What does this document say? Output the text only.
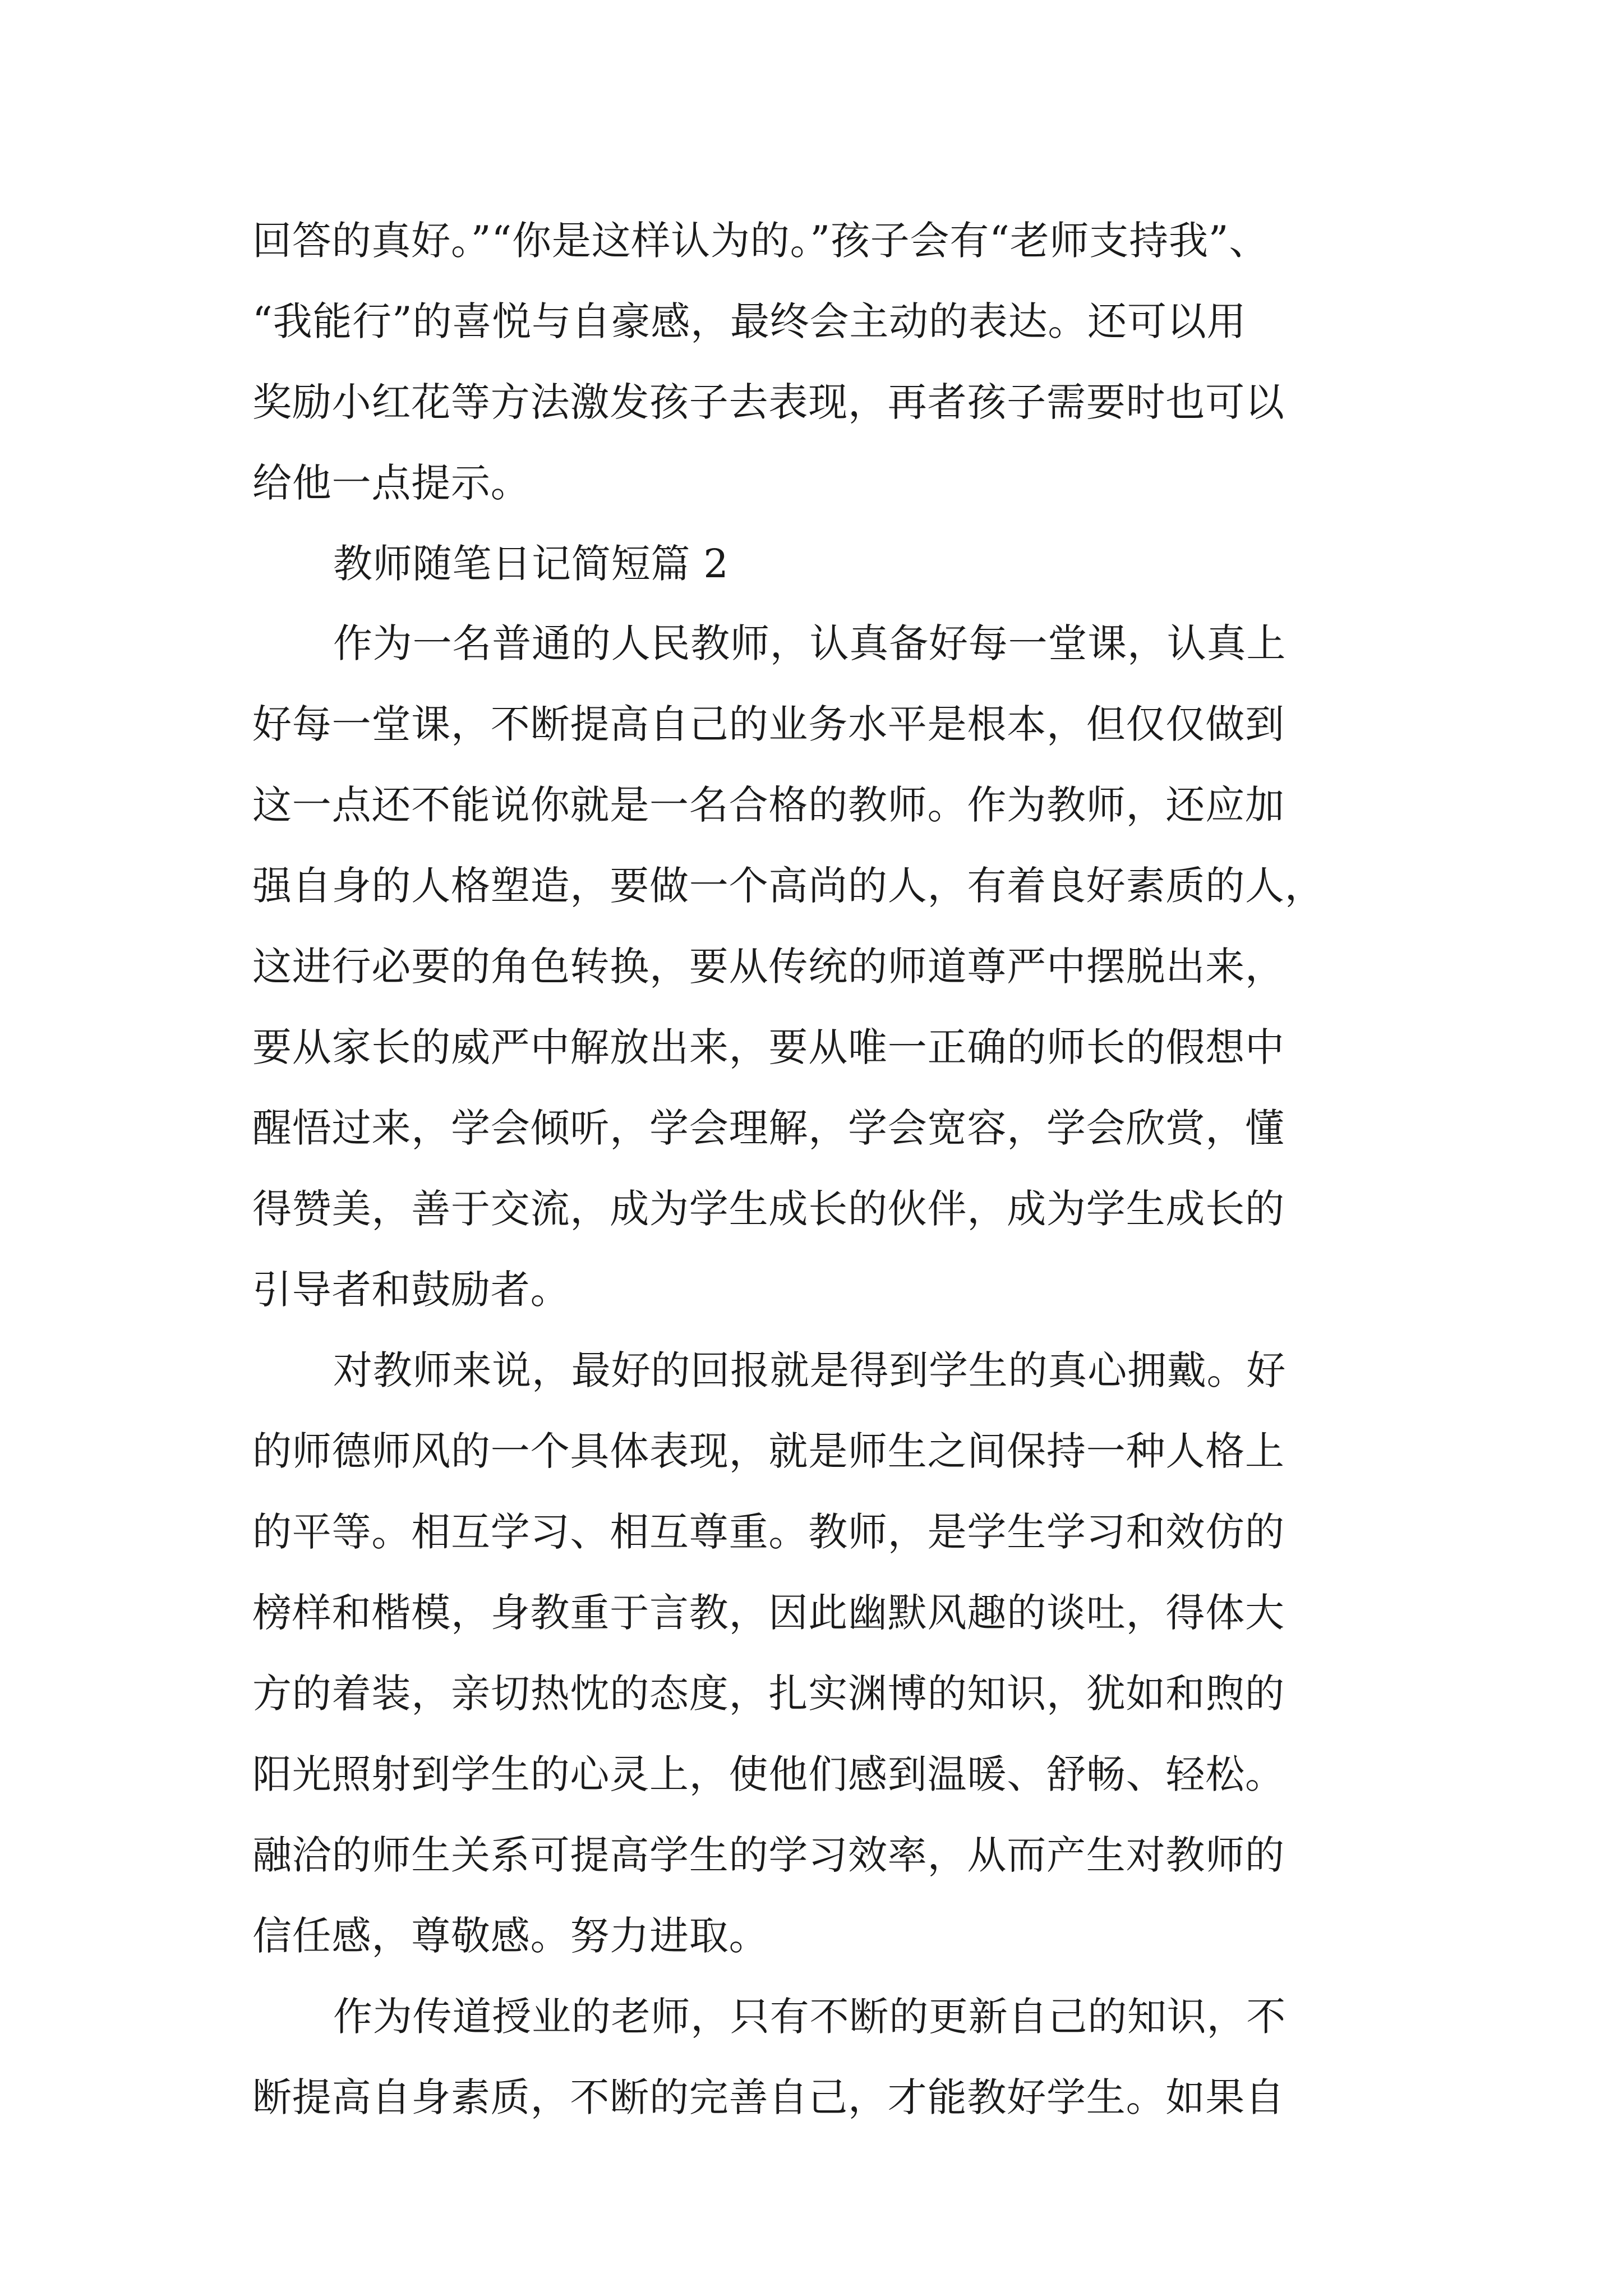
回答的真好。”“你是这样认为的。”孩子会有“老师支持我”、
“我能行”的喜悦与自豪感，最终会主动的表达。还可以用
奖励小红花等方法激发孩子去表现，再者孩子需要时也可以
给他一点提示。
教师随笔日记简短篇 2
作为一名普通的人民教师，认真备好每一堂课，认真上
好每一堂课，不断提高自己的业务水平是根本，但仅仅做到
这一点还不能说你就是一名合格的教师。作为教师，还应加
强自身的人格塑造，要做一个高尚的人，有着良好素质的人，
这进行必要的角色转换，要从传统的师道尊严中摆脱出来，
要从家长的威严中解放出来，要从唯一正确的师长的假想中
醒悟过来，学会倾听，学会理解，学会宽容，学会欣赏，懂
得赞美，善于交流，成为学生成长的伙伴，成为学生成长的
引导者和鼓励者。
对教师来说，最好的回报就是得到学生的真心拥戴。好
的师德师风的一个具体表现，就是师生之间保持一种人格上
的平等。相互学习、相互尊重。教师，是学生学习和效仿的
榜样和楷模，身教重于言教，因此幽默风趣的谈吐，得体大
方的着装，亲切热忱的态度，扎实渊博的知识，犹如和煦的
阳光照射到学生的心灵上，使他们感到温暖、舒畅、轻松。
融洽的师生关系可提高学生的学习效率，从而产生对教师的
信任感，尊敬感。努力进取。
作为传道授业的老师，只有不断的更新自己的知识，不
断提高自身素质，不断的完善自己，才能教好学生。如果自
